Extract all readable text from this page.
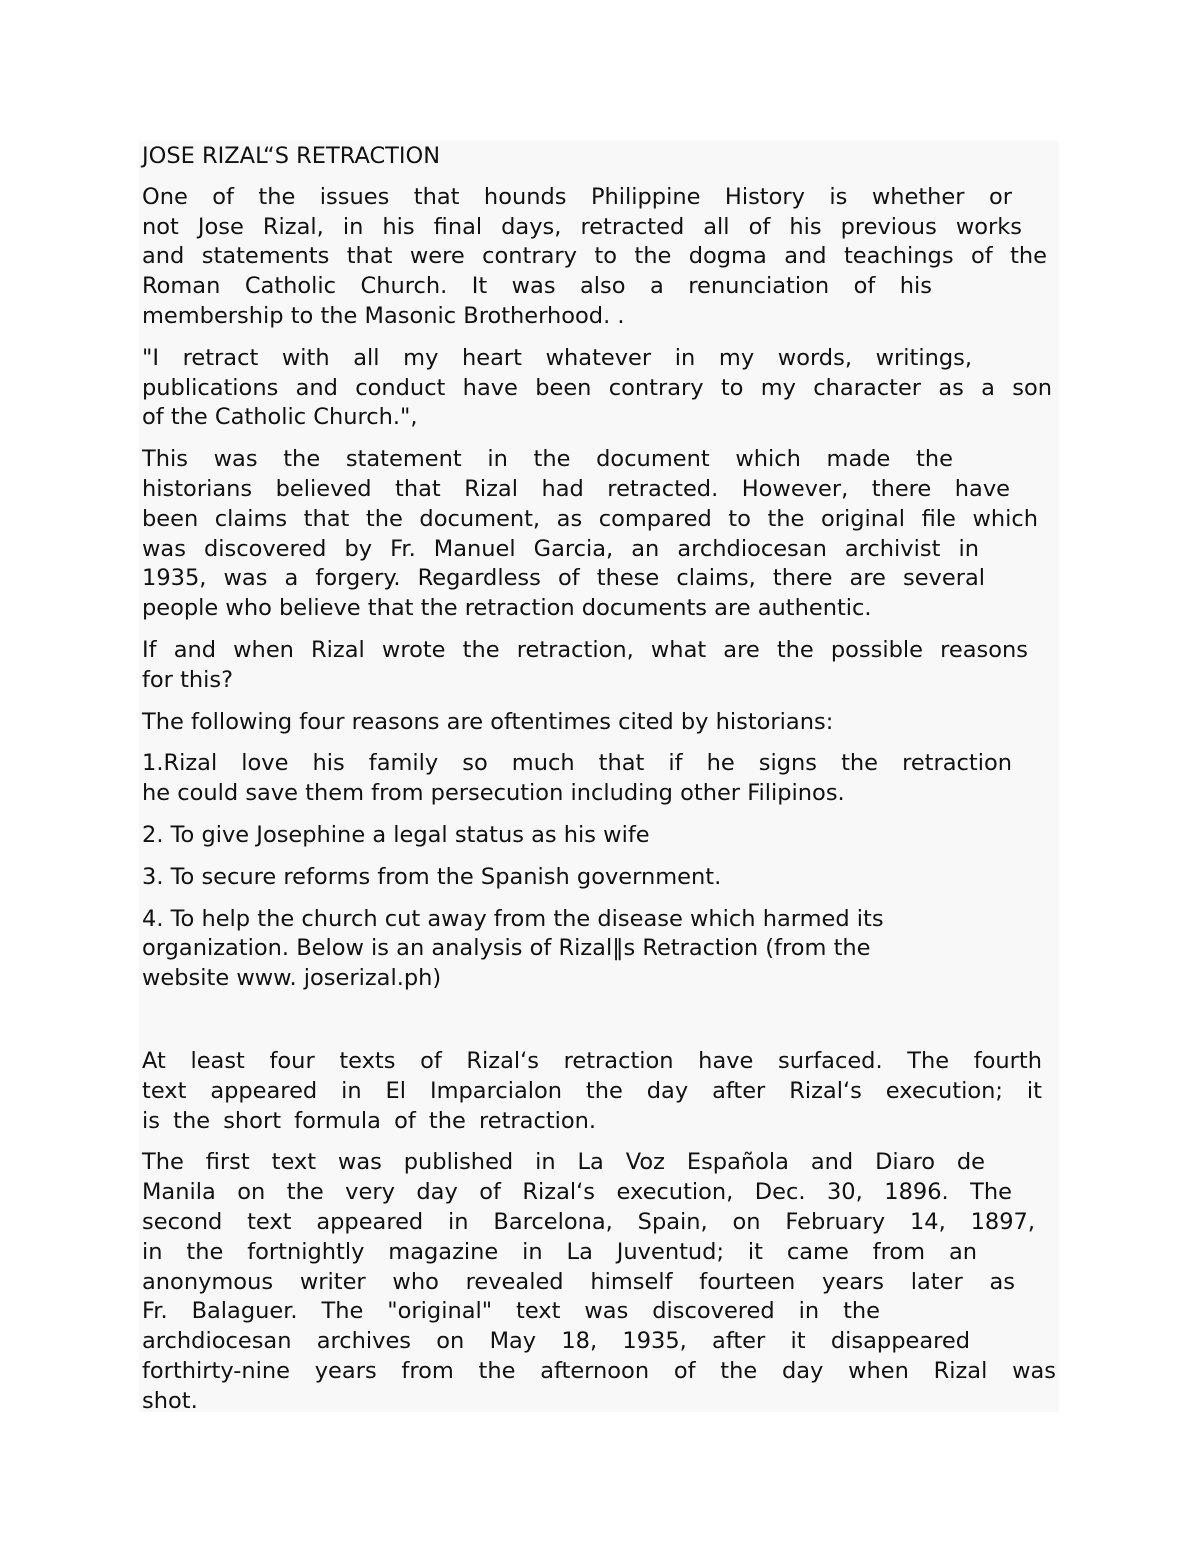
JOSE RIZAL“S RETRACTION

One of the issues that hounds Philippine History is whether or
not Jose Rizal, in his final days, retracted all of his previous works
and statements that were contrary to the dogma and teachings of the
Roman Catholic Church. It was also a renunciation of his
membership to the Masonic Brotherhood. .

"I retract with all my heart whatever in my words, writings,
publications and conduct have been contrary to my character as a son
of the Catholic Church.",

This was the statement in the document which made the
historians believed that Rizal had retracted. However, there have
been claims that the document, as compared to the original file which
was discovered by Fr. Manuel Garcia, an archdiocesan archivist in
1935, was a forgery. Regardless of these claims, there are several
people who believe that the retraction documents are authentic.

If and when Rizal wrote the retraction, what are the possible reasons
for this?

The following four reasons are oftentimes cited by historians:

1.Rizal love his family so much that if he signs the retraction
he could save them from persecution including other Filipinos.

2. To give Josephine a legal status as his wife

3. To secure reforms from the Spanish government.

4. To help the church cut away from the disease which harmed its
organization. Below is an analysis of Rizal‖s Retraction (from the
website www. joserizal.ph)

At least four texts of Rizal‘s retraction have surfaced. The fourth
text appeared in El Imparcialon the day after Rizal‘s execution; it
is the short formula of the retraction.

The first text was published in La Voz Española and Diaro de
Manila on the very day of Rizal‘s execution, Dec. 30, 1896. The
second text appeared in Barcelona, Spain, on February 14, 1897,
in the fortnightly magazine in La Juventud; it came from an
anonymous writer who revealed himself fourteen years later as
Fr. Balaguer. The "original" text was discovered in the
archdiocesan archives on May 18, 1935, after it disappeared
forthirty-nine years from the afternoon of the day when Rizal was
shot.
